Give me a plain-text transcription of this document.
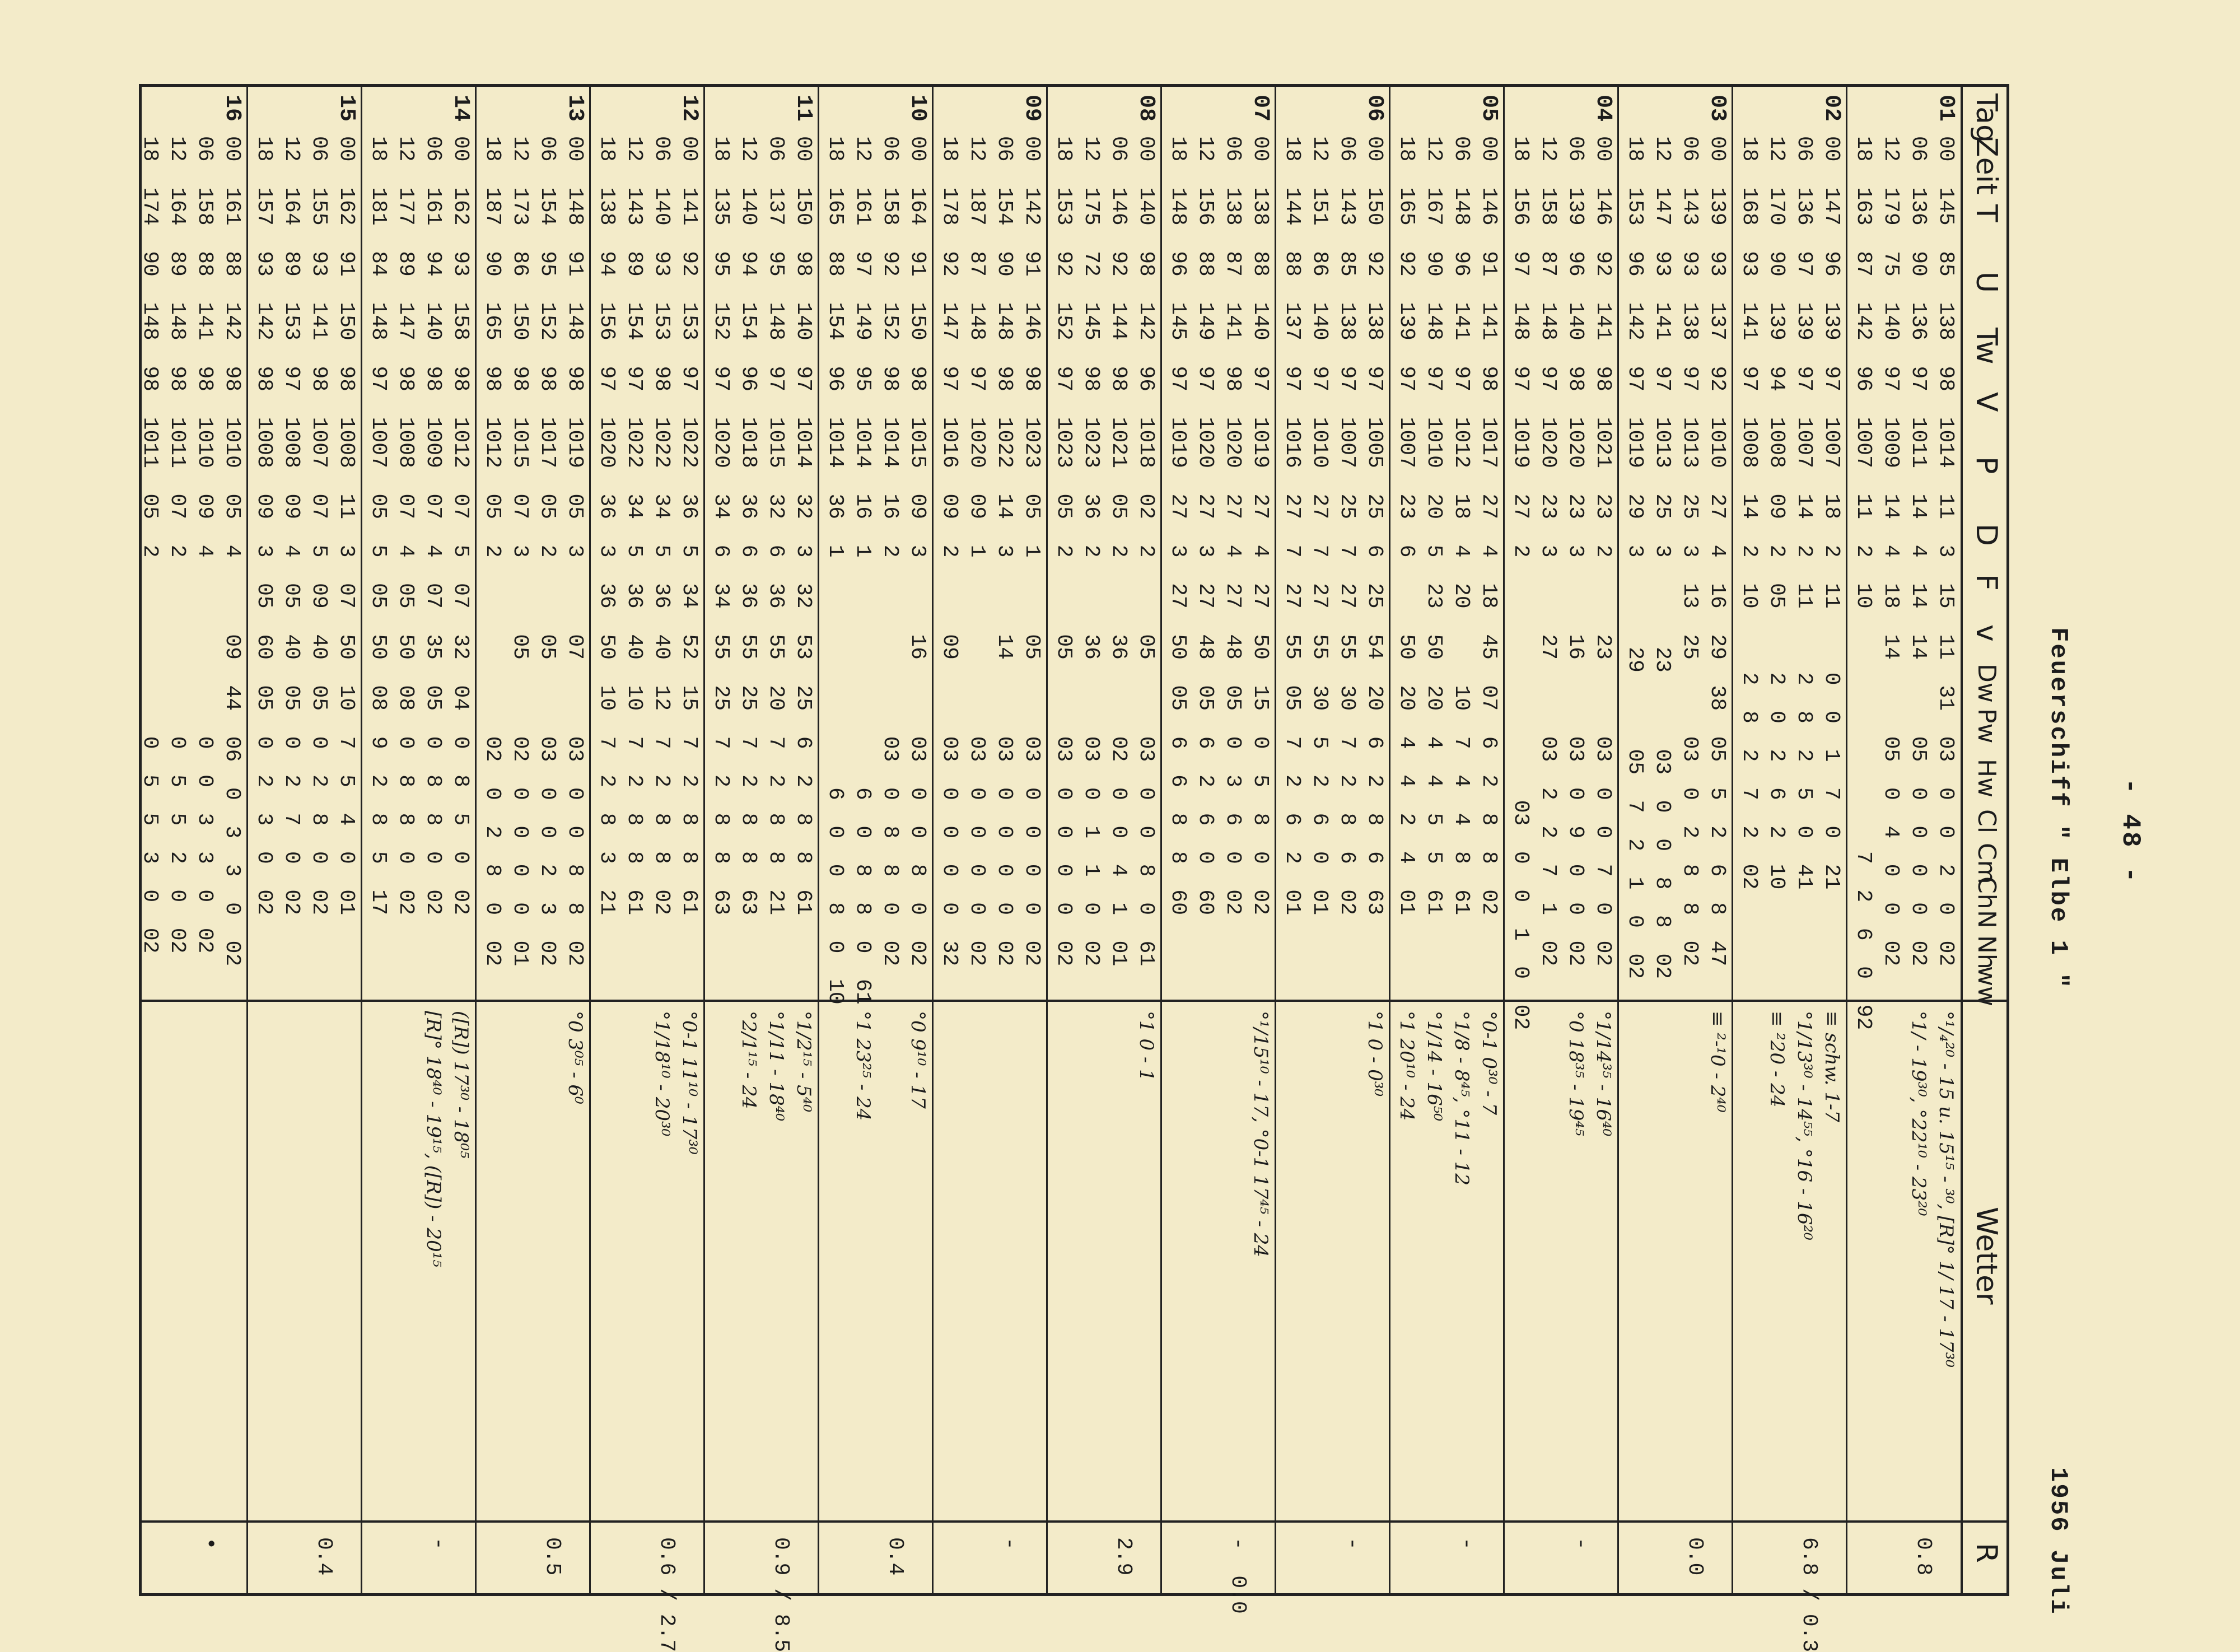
- 48 -
1956 Juli
Feuerschiff " Elbe 1 "
Tag
Zeit
T
U
Tw
V
P
D
F
v
Dw
Pw
Hw
Cl
Cm
Ch
N
Nh
ww
Wetter
R
01
00  145  85  138  98  1014  11  3  15  11  31  03  0  0  2  0  02
06  136  90  136  97  1011  14  4  14  14      05  0  0  0  0  02
12  179  75  140  97  1009  14  4  18  14      05  0  4  0  0  02
18  163  87  142  96  1007  11  2  10                   7  2  6  0  92
°¹/₄²⁰ - 15 u. 15¹⁵ - ³⁰, [R]° 1/ 17 - 17³⁰
°1/ - 19³⁰, °22¹⁰ - 23²⁰
0.8
02
00  147  96  139  97  1007  18  2  11     0  0  1  7  0  21
06  136  97  139  97  1007  14  2  11     2  8  2  5  0  41
12  170  90  139  94  1008  09  2  05     2  0  2  6  2  10
18  168  93  141  97  1008  14  2  10     2  8  2  7  2  02
≡ schw. 1-7
°1/13³⁰ - 14⁵⁵, °16 - 16²⁰
≡ ²20 - 24
6.8 / 0.3
03
00  139  93  137  92  1010  27  4  16  29  38  05  5  2  6  8  47
06  143  93  138  97  1013  25  3  13  25      03  0  2  8  8  02
12  147  93  141  97  1013  25  3       23      03  0  0  8  8  02
18  153  96  142  97  1019  29  3       29      05  7  2  1  0  02
≡ ²-¹0 - 2⁴⁰
0.0
04
00  146  92  141  98  1021  23  2      23      03  0  0  7  0  02
06  139  96  140  98  1020  23  3      16      03  0  9  0  0  02
12  158  87  148  97  1020  23  3      27      03  2  2  7  1  02
18  156  97  148  97  1019  27  2                   03  0  0  1  0  02
°1/14³⁵ - 16⁴⁰
°0 18³⁵ - 19⁴⁵
-
05
00  146  91  141  98  1017  27  4  18  45  07  6  2  8  8  02
06  148  96  141  97  1012  18  4  20      10  7  4  4  8  61
12  167  90  148  97  1010  20  5  23  50  20  4  4  5  5  61
18  165  92  139  97  1007  23  6      50  20  4  4  2  4  01
°0-1 0³⁰ - 7
°1/8 - 8⁴⁵, °11 - 12
°1/14 - 16⁵⁰
°1 20¹⁰ - 24
-
06
00  150  92  138  97  1005  25  6  25  54  20  6  2  8  6  63
06  143  85  138  97  1007  25  7  27  55  30  7  2  8  6  02
12  151  86  140  97  1010  27  7  27  55  30  5  2  6  0  01
18  144  88  137  97  1016  27  7  27  55  05  7  2  6  2  01
°1 0 - 0³⁰
-
07
00  138  88  140  97  1019  27  4  27  50  15  0  5  8  0  02
06  138  87  141  98  1020  27  4  27  48  05  0  3  6  0  02
12  156  88  149  97  1020  27  3  27  48  05  6  2  6  0  60
18  148  96  145  97  1019  27  3  27  50  05  6  6  8  8  60
°¹/15¹⁰ - 17, °0-1 17⁴⁵ - 24
-  0.0
08
00  140  98  142  96  1018  02  2      05      03  0  0  8  0  61
06  146  92  144  98  1021  05  2      36      02  0  0  4  1  01
12  175  72  145  98  1023  36  2      36      03  0  1  1  0  02
18  153  92  152  97  1023  05  2      05      03  0  0  0  0  02
°1 0 - 1
2.9
09
00  142  91  146  98  1023  05  1      05      03  0  0  0  0  02
06  154  90  148  98  1022  14  3      14      03  0  0  0  0  02
12  187  87  148  97  1020  09  1              03  0  0  0  0  02
18  178  92  147  97  1016  09  2      09      03  0  0  0  0  32
-
10
00  164  91  150  98  1015  09  3      16      03  0  0  8  0  02
06  158  92  152  98  1014  16  2              03  0  8  8  0  02
12  161  97  149  95  1014  16  1                  6  0  8  8  0  61
18  165  88  154  96  1014  36  1                  6  0  0  8  0  10
°0 9¹⁰ - 17

°1 23²⁵ - 24
0.4
11
00  150  98  140  97  1014  32  3  32  53  25  6  2  8  8  61
06  137  95  148  97  1015  32  6  36  55  20  7  2  8  8  21
12  140  94  154  96  1018  36  6  36  55  25  7  2  8  8  63
18  135  95  152  97  1020  34  6  34  55  25  7  2  8  8  63
°1/2¹⁵ - 5⁴⁰
°1/11 - 18⁴⁰
°2/1¹⁵ - 24
0.9 / 8.5
12
00  141  92  153  97  1022  36  5  34  52  15  7  2  8  8  61
06  140  93  153  98  1022  34  5  36  40  12  7  2  8  8  02
12  143  89  154  97  1022  34  5  36  40  10  7  2  8  8  61
18  138  94  156  97  1020  36  3  36  50  10  7  2  8  3  21
°0-1 11¹⁰ - 17³⁰
°1/18¹⁰ - 20³⁰
0.6 / 2.7
13
00  148  91  148  98  1019  05  3      07      03  0  0  8  8  02
06  154  95  152  98  1017  05  2      05      03  0  0  2  3  02
12  173  86  150  98  1015  07  3      05      02  0  0  0  0  01
18  187  90  165  98  1012  05  2              02  0  2  8  0  02
°0 3⁰⁵ - 6⁰
0.5
14
00  162  93  158  98  1012  07  5  07  32  04  0  8  5  0  02
06  161  94  140  98  1009  07  4  07  35  05  0  8  8  0  02
12  177  89  147  98  1008  07  4  05  50  08  0  8  8  0  02
18  181  84  148  97  1007  05  5  05  50  08  9  2  8  5  17
([R]) 17³⁰ - 18⁰⁵
[R]° 18⁴⁰ - 19¹⁵, ([R]) - 20¹⁵
-
15
00  162  91  150  98  1008  11  3  07  50  10  7  5  4  0  01
06  155  93  141  98  1007  07  5  09  40  05  0  2  8  0  02
12  164  89  153  97  1008  09  4  05  40  05  0  2  7  0  02
18  157  93  142  98  1008  09  3  05  60  05  0  2  3  0  02
0.4
16
00  161  88  142  98  1010  05  4      09  44  06  0  3  3  0  02
06  158  88  141  98  1010  09  4              0  0  3  3  0  02
12  164  89  148  98  1011  07  2              0  5  5  2  0  02
18  174  90  148  98  1011  05  2              0  5  5  3  0  02
•
